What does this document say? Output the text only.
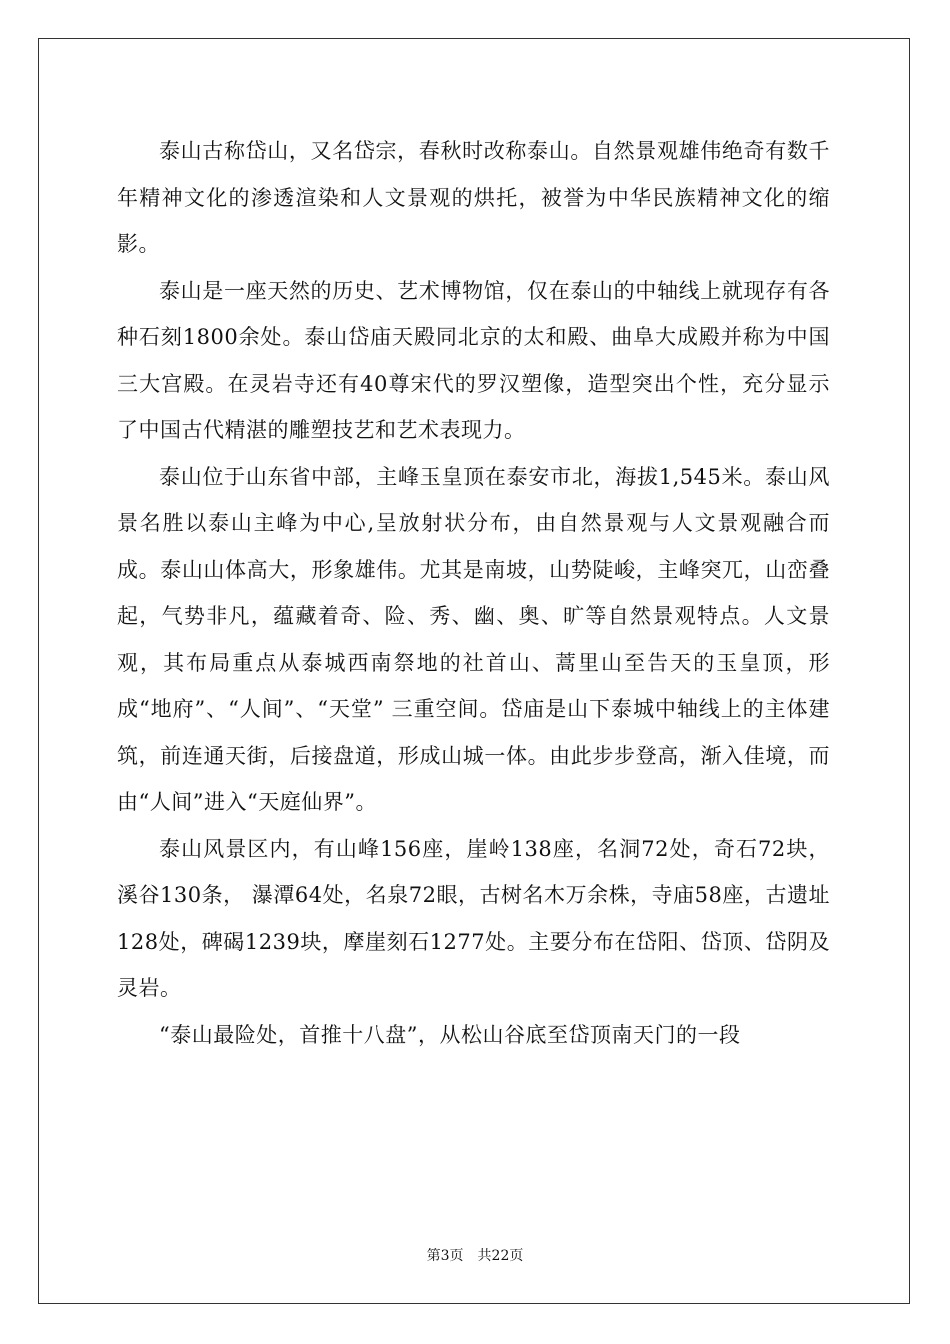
泰山古称岱山，又名岱宗，春秋时改称泰山。自然景观雄伟绝奇有数千年精神文化的渗透渲染和人文景观的烘托，被誉为中华民族精神文化的缩影。

泰山是一座天然的历史、艺术博物馆，仅在泰山的中轴线上就现存有各种石刻1800余处。泰山岱庙天殿同北京的太和殿、曲阜大成殿并称为中国三大宫殿。在灵岩寺还有40尊宋代的罗汉塑像，造型突出个性，充分显示了中国古代精湛的雕塑技艺和艺术表现力。

泰山位于山东省中部，主峰玉皇顶在泰安市北，海拔1,545米。泰山风景名胜以泰山主峰为中心,呈放射状分布，由自然景观与人文景观融合而成。泰山山体高大，形象雄伟。尤其是南坡，山势陡峻，主峰突兀，山峦叠起，气势非凡，蕴藏着奇、险、秀、幽、奥、旷等自然景观特点。人文景观，其布局重点从泰城西南祭地的社首山、蒿里山至告天的玉皇顶，形成“地府”、“人间”、“天堂” 三重空间。岱庙是山下泰城中轴线上的主体建筑，前连通天街，后接盘道，形成山城一体。由此步步登高，渐入佳境，而由“人间”进入“天庭仙界”。

泰山风景区内，有山峰156座，崖岭138座，名洞72处，奇石72块，溪谷130条， 瀑潭64处，名泉72眼，古树名木万余株，寺庙58座，古遗址128处，碑碣1239块，摩崖刻石1277处。主要分布在岱阳、岱顶、岱阴及灵岩。

“泰山最险处，首推十八盘”，从松山谷底至岱顶南天门的一段

第3页　共22页
